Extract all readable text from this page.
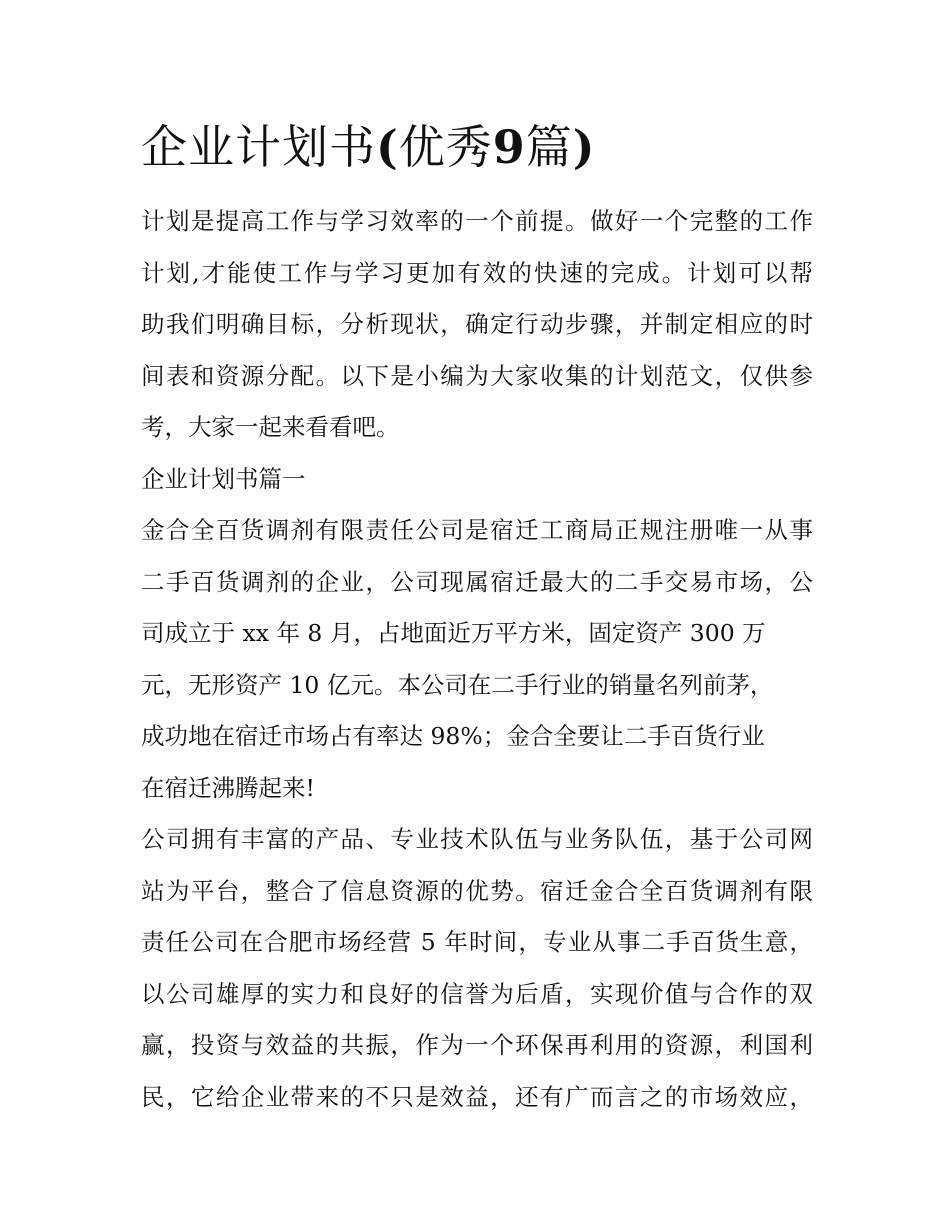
企业计划书(优秀9篇)
计划是提高工作与学习效率的一个前提。做好一个完整的工作
计划,才能使工作与学习更加有效的快速的完成。计划可以帮
助我们明确目标，分析现状，确定行动步骤，并制定相应的时
间表和资源分配。以下是小编为大家收集的计划范文，仅供参
考，大家一起来看看吧。
企业计划书篇一
金合全百货调剂有限责任公司是宿迁工商局正规注册唯一从事
二手百货调剂的企业，公司现属宿迁最大的二手交易市场，公
司成立于 xx 年 8 月，占地面近万平方米，固定资产 300 万
元，无形资产 10 亿元。本公司在二手行业的销量名列前茅，
成功地在宿迁市场占有率达 98%；金合全要让二手百货行业
在宿迁沸腾起来!
公司拥有丰富的产品、专业技术队伍与业务队伍，基于公司网
站为平台，整合了信息资源的优势。宿迁金合全百货调剂有限
责任公司在合肥市场经营 5 年时间，专业从事二手百货生意，
以公司雄厚的实力和良好的信誉为后盾，实现价值与合作的双
赢，投资与效益的共振，作为一个环保再利用的资源，利国利
民，它给企业带来的不只是效益，还有广而言之的市场效应，
